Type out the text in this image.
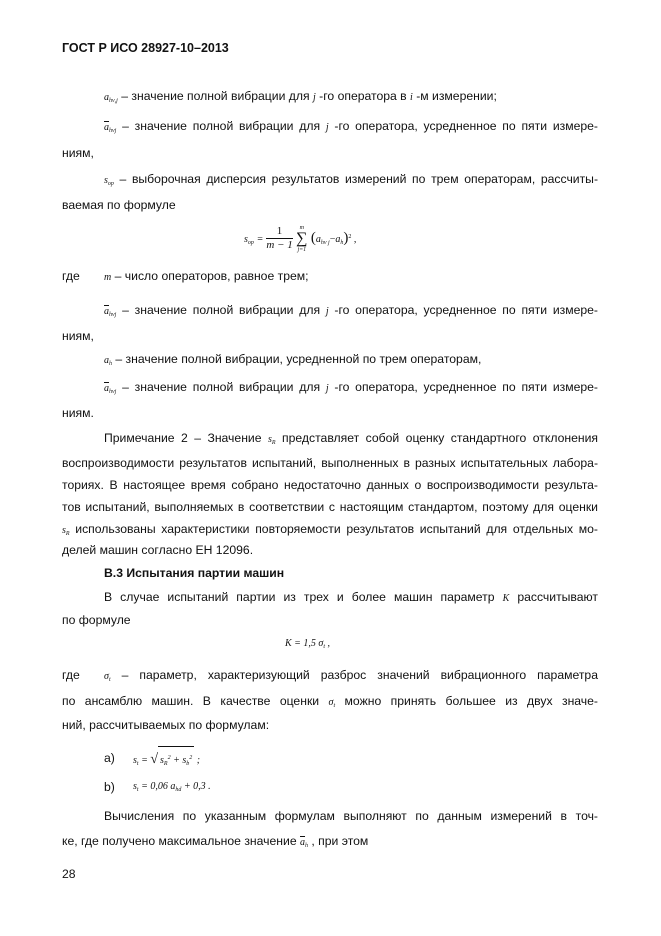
ГОСТ Р ИСО 28927-10–2013
$a_{hv,j}$ – значение полной вибрации для j -го оператора в i -м измерении;
$\overline{a}_{hvj}$ – значение полной вибрации для j -го оператора, усредненное по пяти измере-
ниям,
$s_{op}$ – выборочная дисперсия результатов измерений по трем операторам, рассчиты-
ваемая по формуле
$s_{op} = \frac{1}{m - 1}$
	m
∑
j=1
$(a_{hv j}-a_h)^2$ ,
где m – число операторов, равное трем;
$\overline{a}_{hvj}$ – значение полной вибрации для j -го оператора, усредненное по пяти измере-
ниям,
$a_h$ – значение полной вибрации, усредненной по трем операторам,
$\overline{a}_{hvj}$ – значение полной вибрации для j -го оператора, усредненное по пяти измере-
ниям.
Примечание 2 – Значение $s_R$ представляет собой оценку стандартного отклонения
воспроизводимости результатов испытаний, выполненных в разных испытательных лабора-
ториях. В настоящее время собрано недостаточно данных о воспроизводимости результа-
тов испытаний, выполняемых в соответствии с настоящим стандартом, поэтому для оценки
$s_R$ использованы характеристики повторяемости результатов испытаний для отдельных мо-
делей машин согласно ЕН 12096.
В.3 Испытания партии машин
В случае испытаний партии из трех и более машин параметр K рассчитывают
по формуле
K = 1,5 $\sigma_t$ ,
где $\sigma_t$ – параметр, характеризующий разброс значений вибрационного параметра
по ансамблю машин. В качестве оценки $\sigma_t$ можно принять большее из двух значе-
ний, рассчитываемых по формулам:
а) $s_t$ = √ $s_R^2 + s_b^2$ ;
b) $s_t = 0,06$ $a_{hd} + 0,3$ .
Вычисления по указанным формулам выполняют по данным измерений в точ-
ке, где получено максимальное значение $\overline{a}_h$ , при этом
28
